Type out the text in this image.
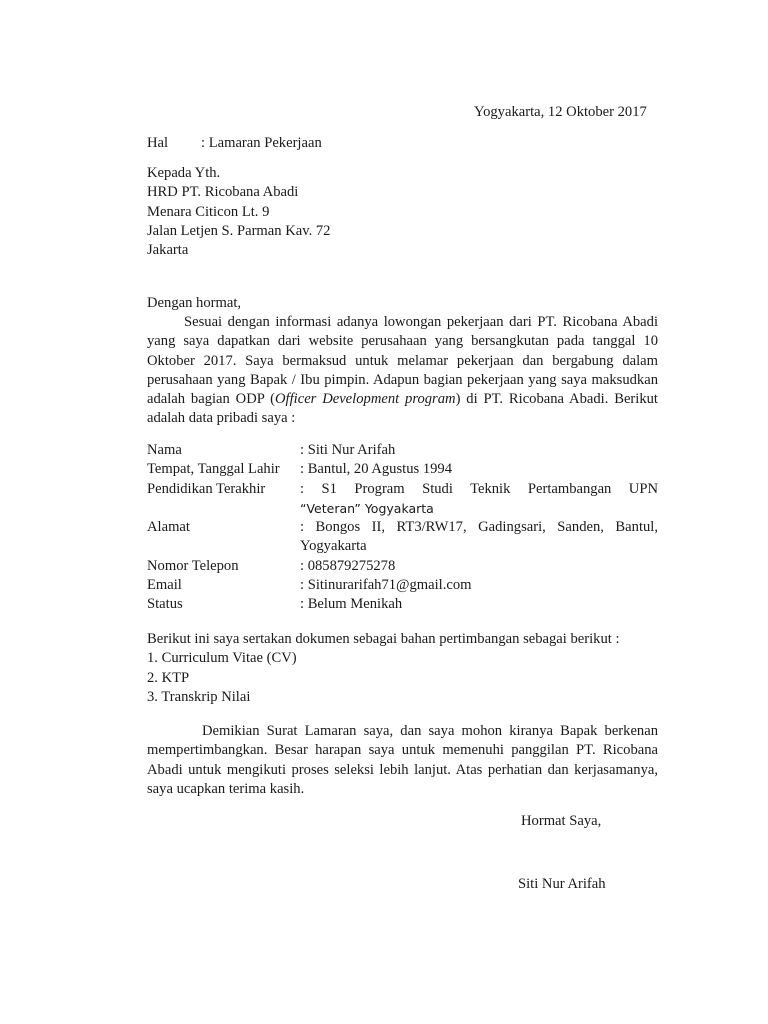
Yogyakarta, 12 Oktober 2017
Hal : Lamaran Pekerjaan
Kepada Yth.
HRD PT. Ricobana Abadi
Menara Citicon Lt. 9
Jalan Letjen S. Parman Kav. 72
Jakarta
Dengan hormat,
Sesuai dengan informasi adanya lowongan pekerjaan dari PT. Ricobana Abadi yang saya dapatkan dari website perusahaan yang bersangkutan pada tanggal 10 Oktober 2017. Saya bermaksud untuk melamar pekerjaan dan bergabung dalam perusahaan yang Bapak / Ibu pimpin. Adapun bagian pekerjaan yang saya maksudkan adalah bagian ODP (Officer Development program) di PT. Ricobana Abadi. Berikut adalah data pribadi saya :
Nama	: Siti Nur Arifah
Tempat, Tanggal Lahir	: Bantul, 20 Agustus 1994
Pendidikan Terakhir	: S1 Program Studi Teknik Pertambangan UPN
“Veteran” Yogyakarta
Alamat	: Bongos II, RT3/RW17, Gadingsari, Sanden, Bantul, Yogyakarta
Nomor Telepon	: 085879275278
Email	: Sitinurarifah71@gmail.com
Status	: Belum Menikah
Berikut ini saya sertakan dokumen sebagai bahan pertimbangan sebagai berikut :
1. Curriculum Vitae (CV)
2. KTP
3. Transkrip Nilai
Demikian Surat Lamaran saya, dan saya mohon kiranya Bapak berkenan mempertimbangkan. Besar harapan saya untuk memenuhi panggilan PT. Ricobana Abadi untuk mengikuti proses seleksi lebih lanjut. Atas perhatian dan kerjasamanya, saya ucapkan terima kasih.
Hormat Saya,
Siti Nur Arifah
